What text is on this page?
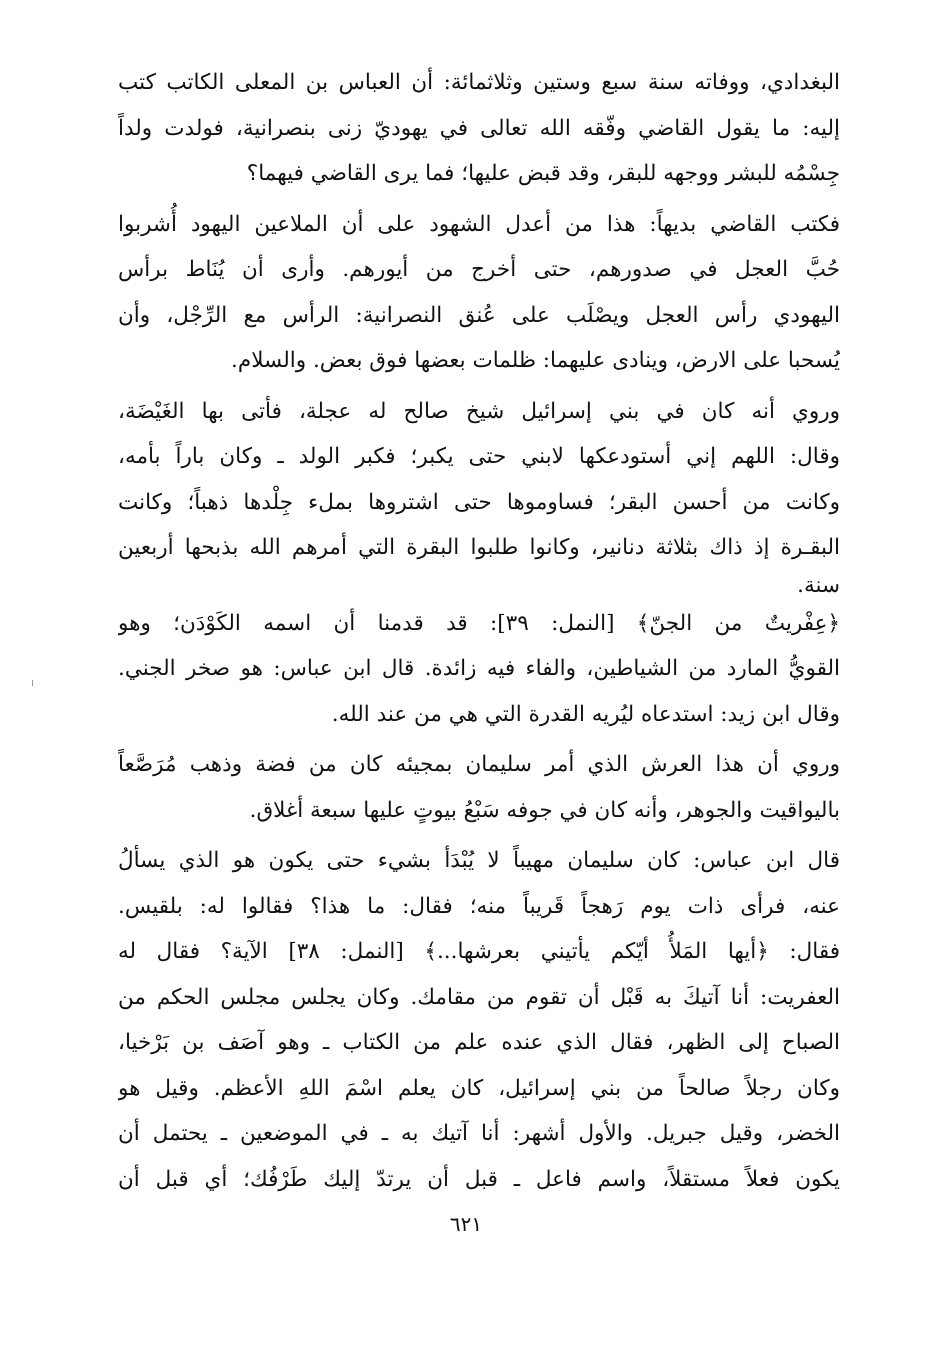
البغدادي، ووفاته سنة سبع وستين وثلاثمائة: أن العباس بن المعلى الكاتب كتب
إليه: ما يقول القاضي وفّقه الله تعالى في يهوديّ زنى بنصرانية، فولدت ولداً
جِسْمُه للبشر ووجهه للبقر، وقد قبض عليها؛ فما يرى القاضي فيهما؟
فكتب القاضي بديهاً: هذا من أعدل الشهود على أن الملاعين اليهود أُشربوا
حُبَّ العجل في صدورهم، حتى أخرج من أيورهم. وأرى أن يُنَاط برأس
اليهودي رأس العجل ويصْلَب على عُنق النصرانية: الرأس مع الرِّجْل، وأن
يُسحبا على الارض، وينادى عليهما: ظلمات بعضها فوق بعض. والسلام.
وروي أنه كان في بني إسرائيل شيخ صالح له عجلة، فأتى بها الغَيْضَة،
وقال: اللهم إني أستودعكها لابني حتى يكبر؛ فكبر الولد ـ وكان باراً بأمه،
وكانت من أحسن البقر؛ فساوموها حتى اشتروها بملء جِلْدها ذهباً؛ وكانت
البقـرة إذ ذاك بثلاثة دنانير، وكانوا طلبوا البقرة التي أمرهم الله بذبحها أربعين
سنة.
﴿عِفْريتٌ من الجنّ﴾ [النمل: ٣٩]: قد قدمنا أن اسمه الكَوْدَن؛ وهو
القويُّ المارد من الشياطين، والفاء فيه زائدة. قال ابن عباس: هو صخر الجني.
وقال ابن زيد: استدعاه ليُريه القدرة التي هي من عند الله.
وروي أن هذا العرش الذي أمر سليمان بمجيئه كان من فضة وذهب مُرَصَّعاً
باليواقيت والجوهر، وأنه كان في جوفه سَبْعُ بيوتٍ عليها سبعة أغلاق.
قال ابن عباس: كان سليمان مهيباً لا يُبْدَأ بشيء حتى يكون هو الذي يسألُ
عنه، فرأى ذات يوم رَهجاً قَريباً منه؛ فقال: ما هذا؟ فقالوا له: بلقيس.
فقال: ﴿أيها المَلأُ أيّكم يأتيني بعرشها...﴾ [النمل: ٣٨] الآية؟ فقال له
العفريت: أنا آتيكَ به قَبْل أن تقوم من مقامك. وكان يجلس مجلس الحكم من
الصباح إلى الظهر، فقال الذي عنده علم من الكتاب ـ وهو آصَف بن بَرْخيا،
وكان رجلاً صالحاً من بني إسرائيل، كان يعلم اسْمَ اللهِ الأعظم. وقيل هو
الخضر، وقيل جبريل. والأول أشهر: أنا آتيك به ـ في الموضعين ـ يحتمل أن
يكون فعلاً مستقلاً، واسم فاعل ـ قبل أن يرتدّ إليك طَرْفُك؛ أي قبل أن
٦٢١
